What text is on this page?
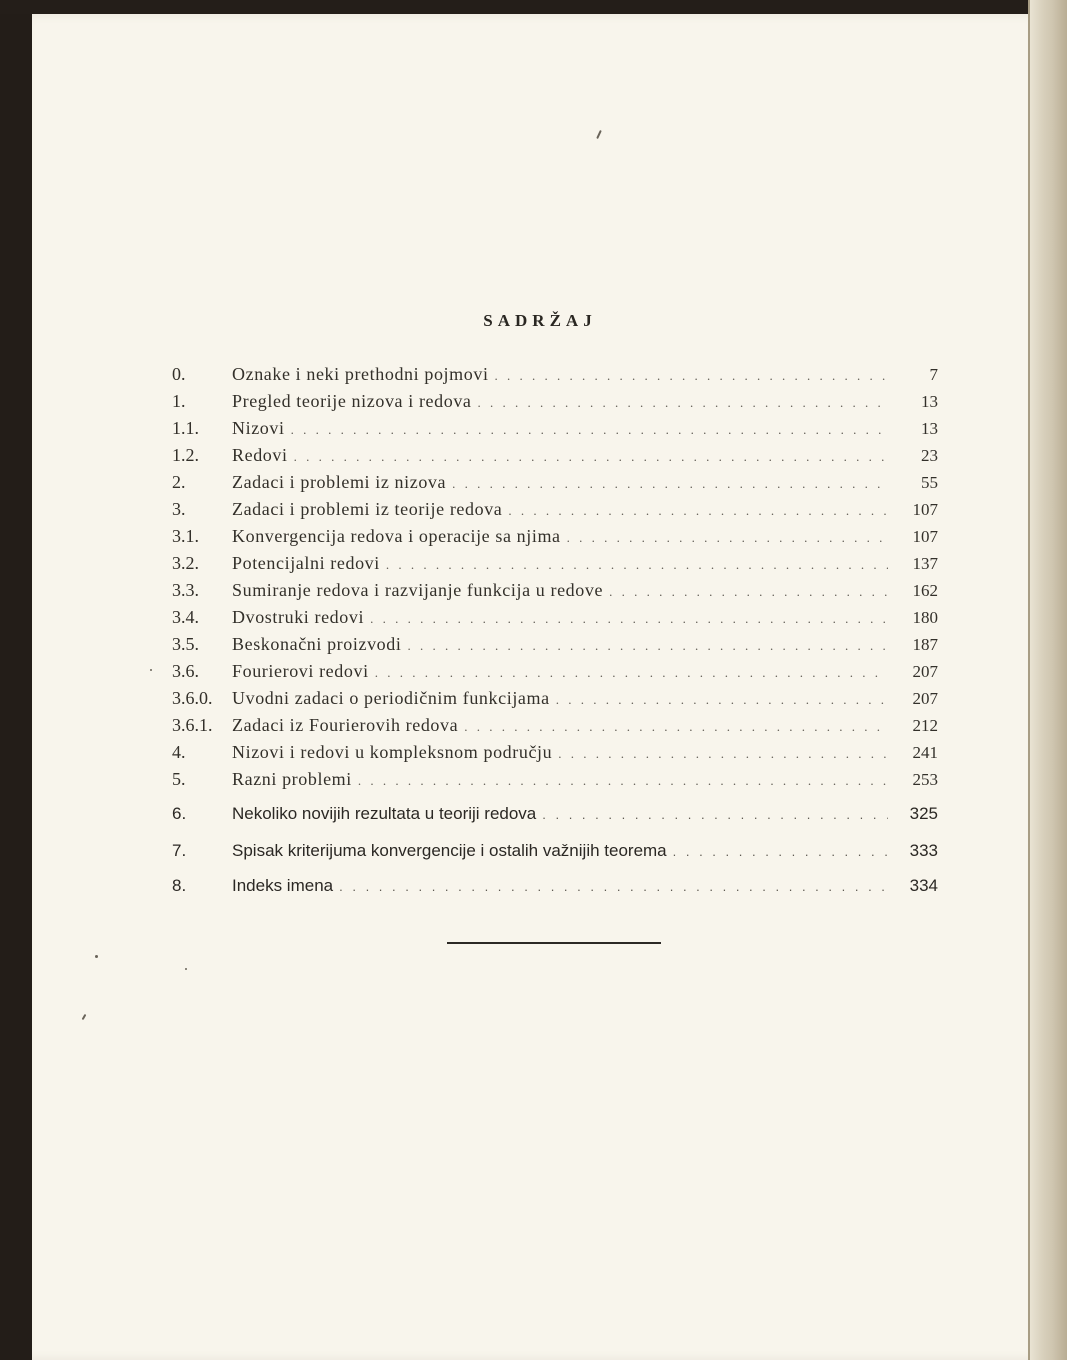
SADRŽAJ
0.	Oznake i neki prethodni pojmovi . . .	7
1.	Pregled teorije nizova i redova . . .	13
1.1.	Nizovi . . .	13
1.2.	Redovi . . .	23
2.	Zadaci i problemi iz nizova . . .	55
3.	Zadaci i problemi iz teorije redova . . .	107
3.1.	Konvergencija redova i operacije sa njima . . .	107
3.2.	Potencijalni redovi . . .	137
3.3.	Sumiranje redova i razvijanje funkcija u redove . . .	162
3.4.	Dvostruki redovi . . .	180
3.5.	Beskonačni proizvodi . . .	187
3.6.	Fourierovi redovi . . .	207
3.6.0.	Uvodni zadaci o periodičnim funkcijama . . .	207
3.6.1.	Zadaci iz Fourierovih redova . . .	212
4.	Nizovi i redovi u kompleksnom području . . .	241
5.	Razni problemi . . .	253
6.	Nekoliko novijih rezultata u teoriji redova . . .	325
7.	Spisak kriterijuma konvergencije i ostalih važnijih teorema . . .	333
8.	Indeks imena . . .	334
